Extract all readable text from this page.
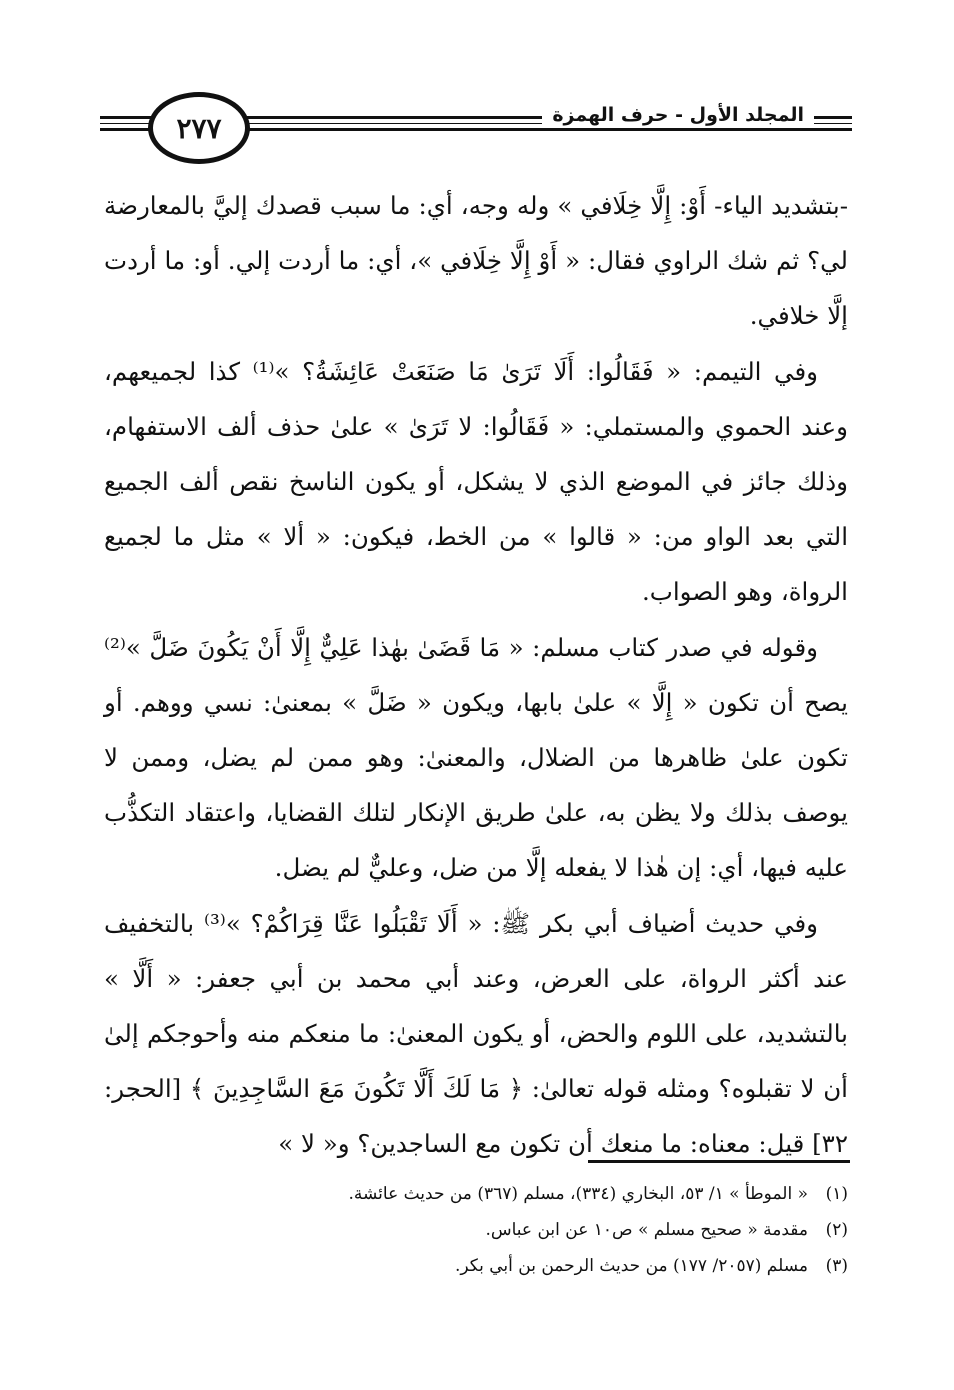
٢٧٧	المجلد الأول - حرف الهمزة

-بتشديد الياء- أَوْ: إِلَّا خِلَافي » وله وجه، أي: ما سبب قصدك إليَّ بالمعارضة لي؟ ثم شك الراوي فقال: « أَوْ إِلَّا خِلَافي »، أي: ما أردت إلي. أو: ما أردت إلَّا خلافي.

وفي التيمم: « فَقَالُوا: أَلَا تَرَىٰ مَا صَنَعَتْ عَائِشَةُ؟ »⁽¹⁾ كذا لجميعهم، وعند الحموي والمستملي: « فَقَالُوا: لا تَرَىٰ » علىٰ حذف ألف الاستفهام، وذلك جائز في الموضع الذي لا يشكل، أو يكون الناسخ نقص ألف الجميع التي بعد الواو من: « قالوا » من الخط، فيكون: « ألا » مثل ما لجميع الرواة، وهو الصواب.

وقوله في صدر كتاب مسلم: « مَا قَضَىٰ بهٰذا عَلِيٌّ إِلَّا أَنْ يَكُونَ ضَلَّ »⁽²⁾ يصح أن تكون « إِلَّا » علىٰ بابها، ويكون « ضَلَّ » بمعنىٰ: نسي ووهم. أو تكون علىٰ ظاهرها من الضلال، والمعنىٰ: وهو ممن لم يضل، وممن لا يوصف بذلك ولا يظن به، علىٰ طريق الإنكار لتلك القضايا، واعتقاد التكذُّب عليه فيها، أي: إن هٰذا لا يفعله إلَّا من ضل، وعليٌّ لم يضل.

وفي حديث أضياف أبي بكر ﷺ: « أَلَا تَقْبَلُوا عَنَّا قِرَاكُمْ؟ »⁽³⁾ بالتخفيف عند أكثر الرواة، على العرض، وعند أبي محمد بن أبي جعفر: « أَلَّا » بالتشديد، على اللوم والحض، أو يكون المعنىٰ: ما منعكم منه وأحوجكم إلىٰ أن لا تقبلوه؟ ومثله قوله تعالىٰ: ﴿ مَا لَكَ أَلَّا تَكُونَ مَعَ السَّاجِدِينَ ﴾ [الحجر: ٣٢] قيل: معناه: ما منعك أن تكون مع الساجدين؟ و« لا »

(١)
« الموطأ » ١/ ٥٣، البخاري (٣٣٤)، مسلم (٣٦٧) من حديث عائشة.
(٢)
مقدمة « صحيح مسلم » ص١٠ عن ابن عباس.
(٣)
مسلم (٢٠٥٧/ ١٧٧) من حديث الرحمن بن أبي بكر.
